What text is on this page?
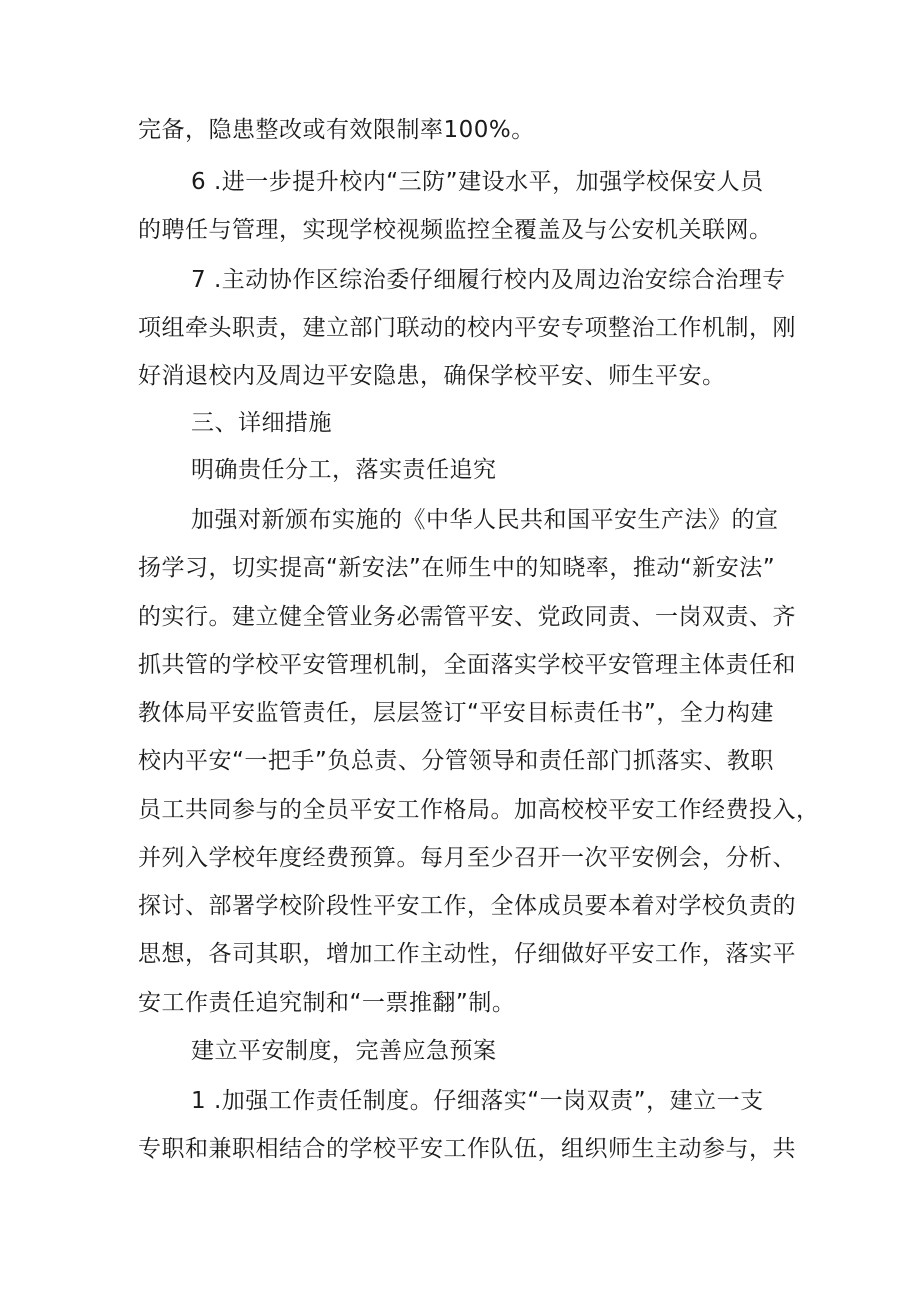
完备，隐患整改或有效限制率100%。

6 .进一步提升校内“三防”建设水平，加强学校保安人员

的聘任与管理，实现学校视频监控全覆盖及与公安机关联网。

7 .主动协作区综治委仔细履行校内及周边治安综合治理专

项组牵头职责，建立部门联动的校内平安专项整治工作机制，刚

好消退校内及周边平安隐患，确保学校平安、师生平安。

三、详细措施

明确贵任分工，落实责任追究

加强对新颁布实施的《中华人民共和国平安生产法》的宣

扬学习，切实提高“新安法”在师生中的知晓率，推动“新安法”

的实行。建立健全管业务必需管平安、党政同责、一岗双责、齐

抓共管的学校平安管理机制，全面落实学校平安管理主体责任和

教体局平安监管责任，层层签订“平安目标责任书”，全力构建

校内平安“一把手”负总责、分管领导和责任部门抓落实、教职

员工共同参与的全员平安工作格局。加高校校平安工作经费投入，

并列入学校年度经费预算。每月至少召开一次平安例会，分析、

探讨、部署学校阶段性平安工作，全体成员要本着对学校负责的

思想，各司其职，增加工作主动性，仔细做好平安工作，落实平

安工作责任追究制和“一票推翻”制。

建立平安制度，完善应急预案

1 .加强工作责任制度。仔细落实“一岗双责”，建立一支

专职和兼职相结合的学校平安工作队伍，组织师生主动参与，共
